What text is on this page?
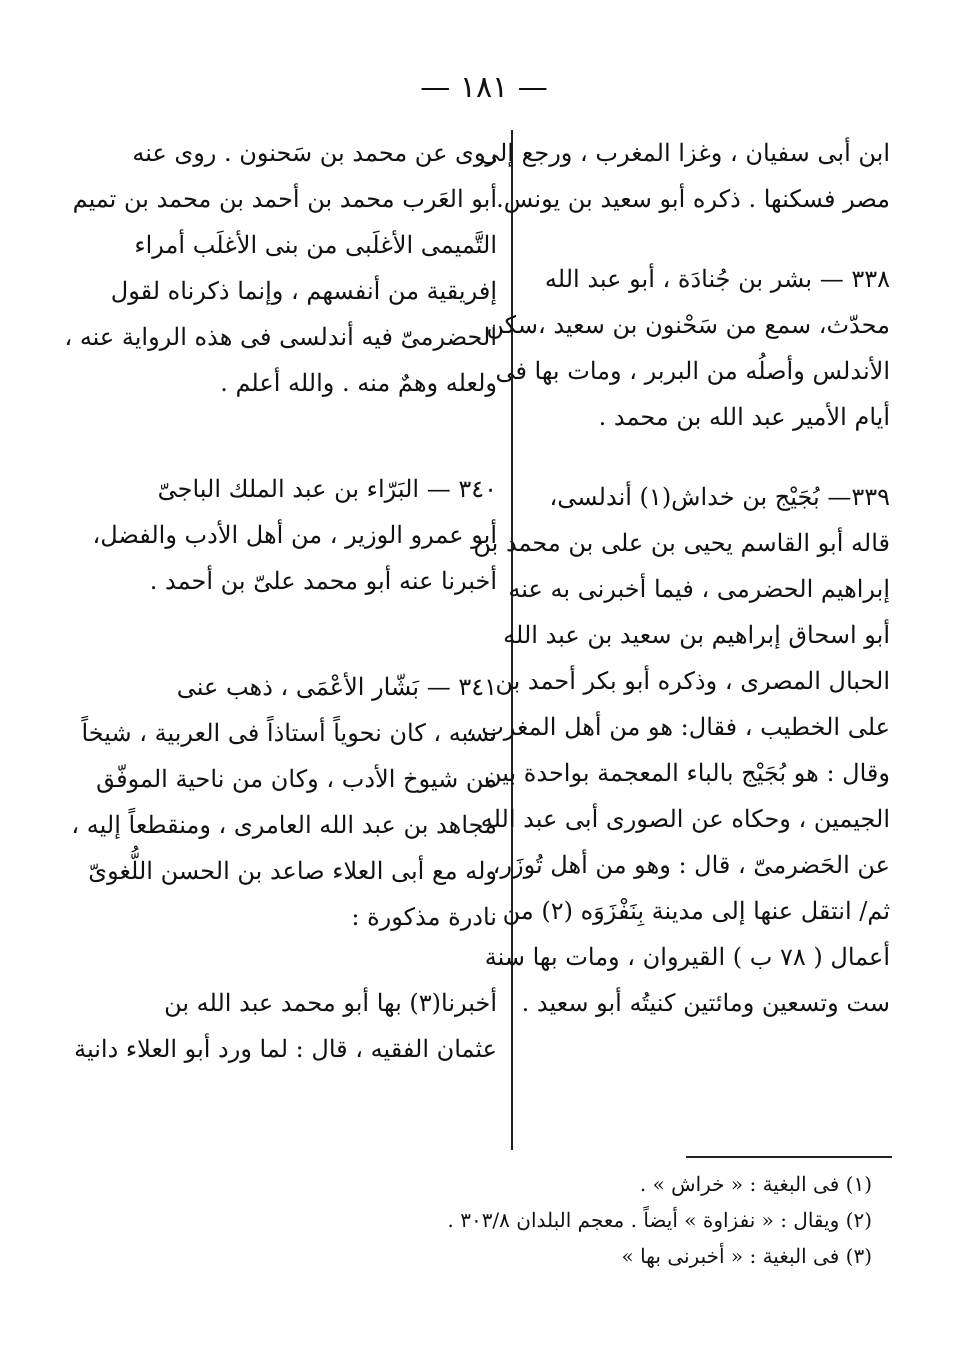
— ١٨١ —
ابن أبى سفيان ، وغزا المغرب ، ورجع إلى
مصر فسكنها . ذكره أبو سعيد بن يونس.
٣٣٨ — بشر بن جُنادَة ، أبو عبد الله
محدّث، سمع من سَحْنون بن سعيد ،سكن
الأندلس وأصلُه من البربر ، ومات بها فى
أيام الأمير عبد الله بن محمد .
٣٣٩— بُجَيْج بن خداش(١) أندلسى،
قاله أبو القاسم يحيى بن على بن محمد بن
إبراهيم الحضرمى ، فيما أخبرنى به عنه
أبو اسحاق إبراهيم بن سعيد بن عبد الله
الحبال المصرى ، وذكره أبو بكر أحمد بن
على الخطيب ، فقال: هو من أهل المغرب ،
وقال : هو بُجَيْج بالباء المعجمة بواحدة بين
الجيمين ، وحكاه عن الصورى أبى عبد الله
عن الحَضرمىّ ، قال : وهو من أهل تُوزَر،
ثم/ انتقل عنها إلى مدينة بِنَفْزَوَه (٢) من
أعمال ( ٧٨ ب ) القيروان ، ومات بها سنة
ست وتسعين ومائتين كنيتُه أبو سعيد .
روى عن محمد بن سَحنون . روى عنه
أبو العَرب محمد بن أحمد بن محمد بن تميم
التَّميمى الأغلَبى من بنى الأغلَب أمراء
إفريقية من أنفسهم ، وإنما ذكرناه لقول
الحضرمىّ فيه أندلسى فى هذه الرواية عنه ،
ولعله وهمٌ منه . والله أعلم .
٣٤٠ — البَرّاء بن عبد الملك الباجىّ
أبو عمرو الوزير ، من أهل الأدب والفضل،
أخبرنا عنه أبو محمد علىّ بن أحمد .
٣٤١ — بَشّار الأعْمَى ، ذهب عنى
نسبه ، كان نحوياً أستاذاً فى العربية ، شيخاً
من شيوخ الأدب ، وكان من ناحية الموفّق
مجاهد بن عبد الله العامرى ، ومنقطعاً إليه ،
وله مع أبى العلاء صاعد بن الحسن اللُّغوىّ
نادرة مذكورة :
أخبرنا(٣) بها أبو محمد عبد الله بن
عثمان الفقيه ، قال : لما ورد أبو العلاء دانية
(١) فى البغية : « خراش » .
(٢) ويقال : « نفزاوة » أيضاً . معجم البلدان ٣٠٣/٨ .
(٣) فى البغية : « أخبرنى بها »
